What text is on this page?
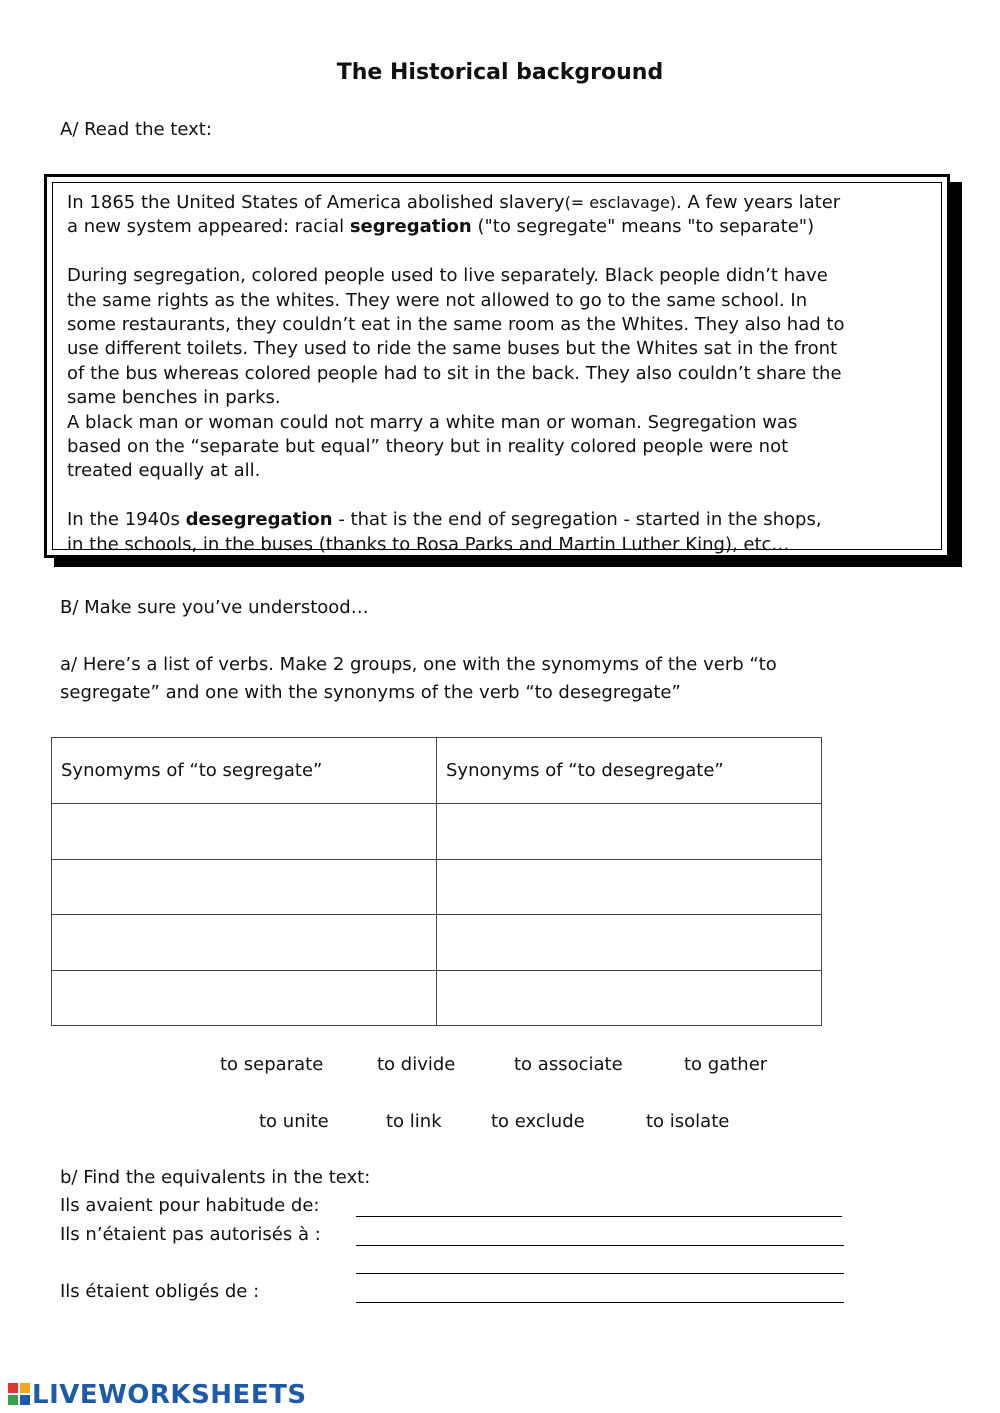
The Historical background
A/ Read the text:

In 1865 the United States of America abolished slavery(= esclavage). A few years later

a new system appeared: racial segregation ("to segregate" means "to separate")

During segregation, colored people used to live separately. Black people didn’t have

the same rights as the whites. They were not allowed to go to the same school. In

some restaurants, they couldn’t eat in the same room as the Whites. They also had to

use different toilets. They used to ride the same buses but the Whites sat in the front

of the bus whereas colored people had to sit in the back. They also couldn’t share the

same benches in parks.

A black man or woman could not marry a white man or woman. Segregation was

based on the “separate but equal” theory but in reality colored people were not

treated equally at all.

In the 1940s desegregation - that is the end of segregation - started in the shops,

in the schools, in the buses (thanks to Rosa Parks and Martin Luther King), etc…

B/ Make sure you’ve understood…
a/ Here’s a list of verbs. Make 2 groups, one with the synomyms of the verb “to
segregate” and one with the synonyms of the verb “to desegregate”
Synomyms of “to segregate”	Synonyms of “to desegregate”

to separate	to divide	to associate	to gather
to unite	to link	to exclude	to isolate
b/ Find the equivalents in the text:
Ils avaient pour habitude de:
Ils n’étaient pas autorisés à :
Ils étaient obligés de :
LIVEWORKSHEETS
